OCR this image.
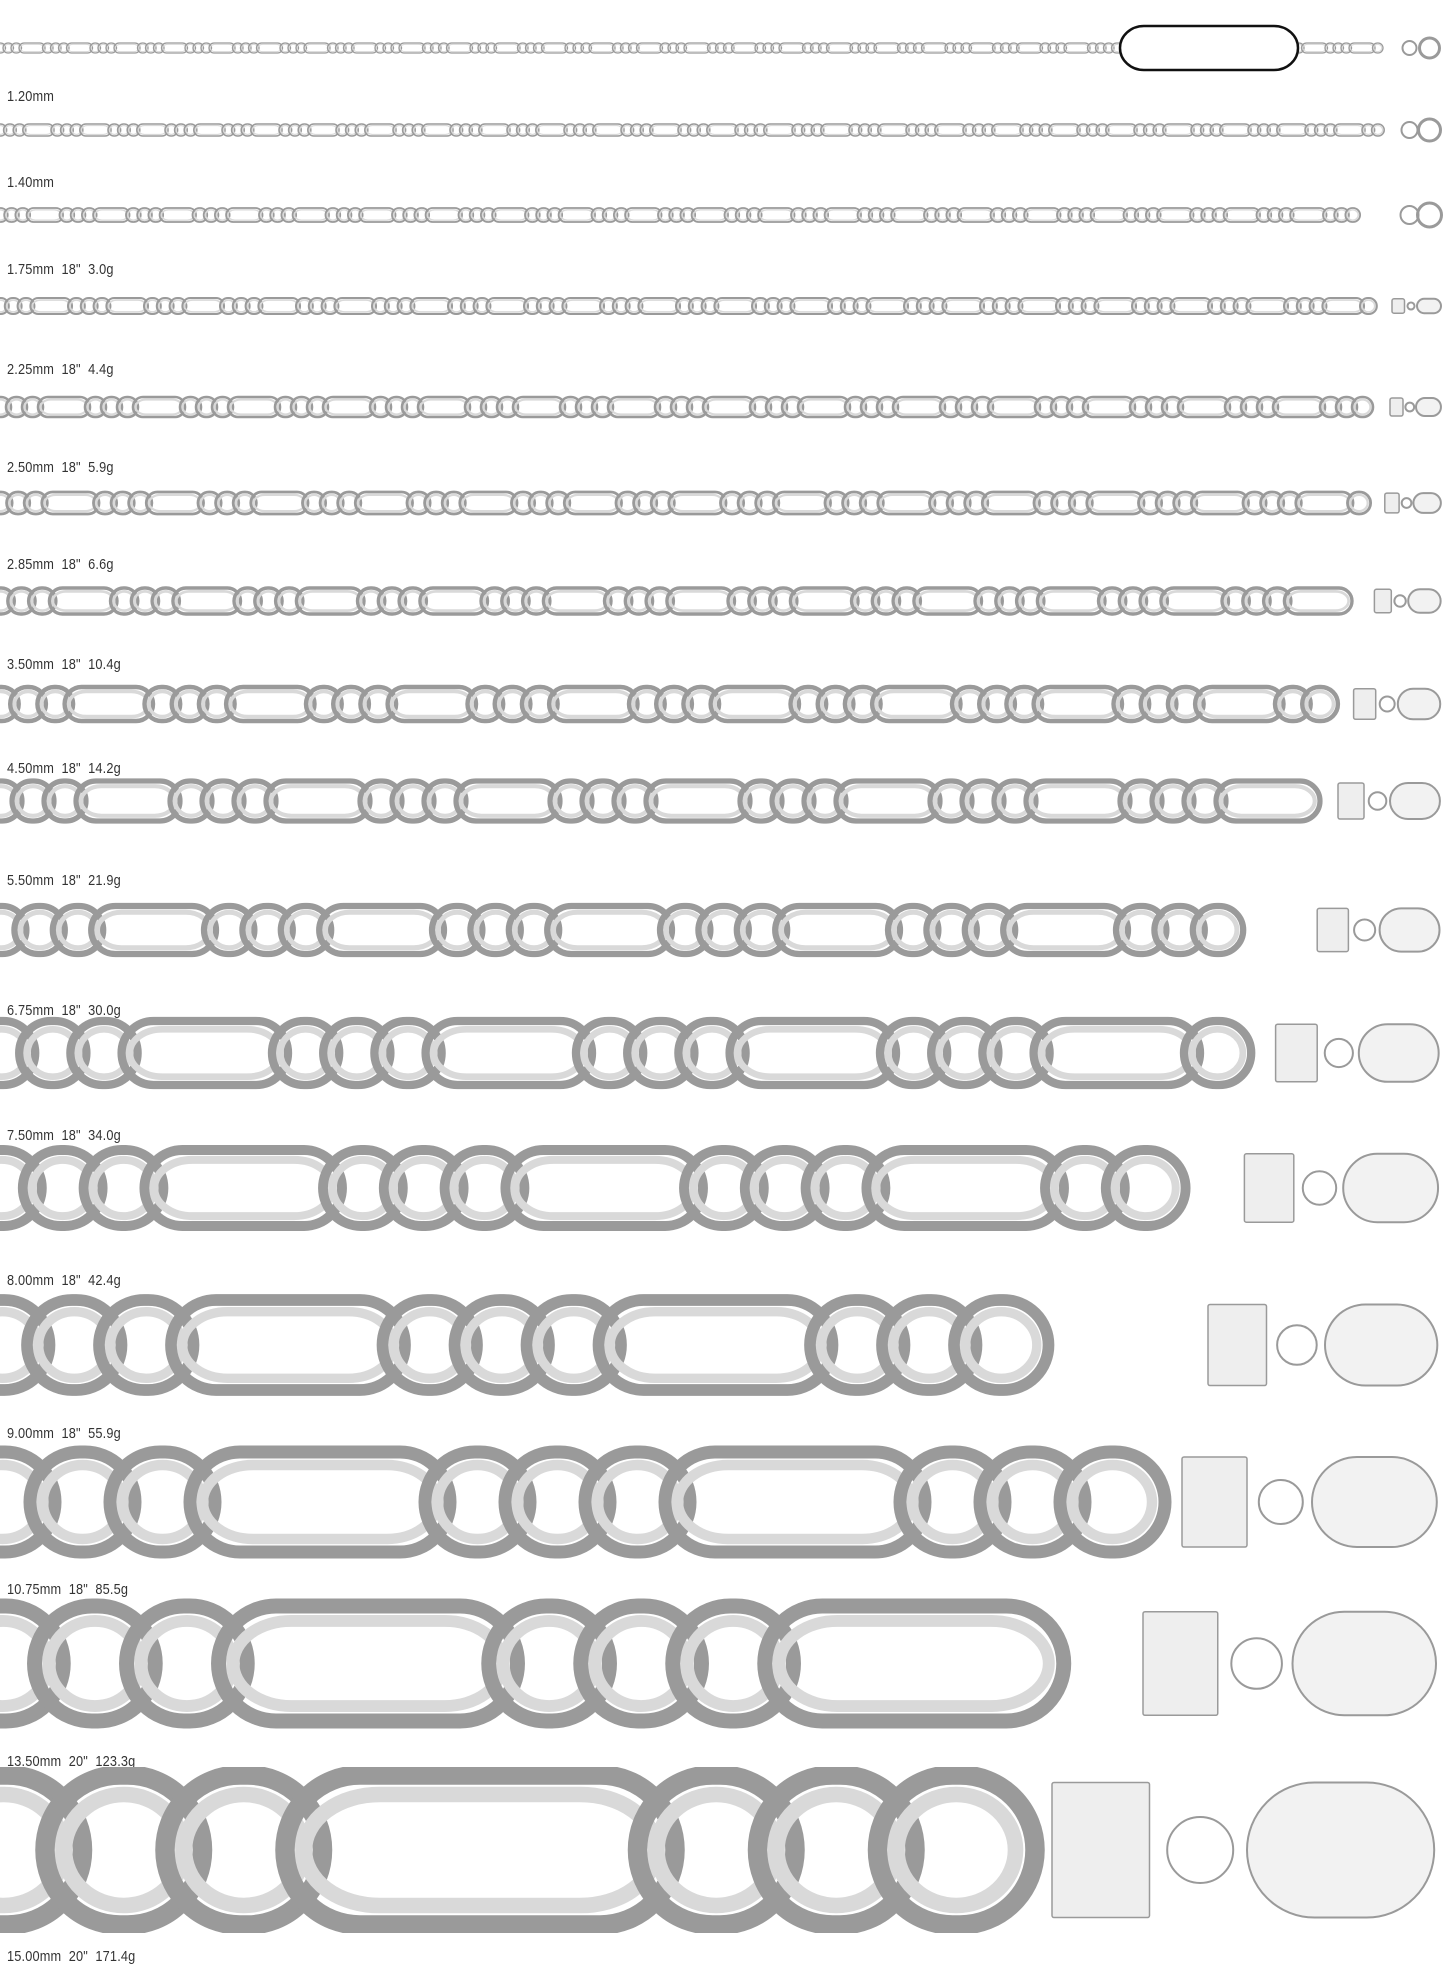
1.20mm
1.40mm
1.75mm  18"  3.0g
2.25mm  18"  4.4g
2.50mm  18"  5.9g
2.85mm  18"  6.6g
3.50mm  18"  10.4g
4.50mm  18"  14.2g
5.50mm  18"  21.9g
6.75mm  18"  30.0g
7.50mm  18"  34.0g
8.00mm  18"  42.4g
9.00mm  18"  55.9g
10.75mm  18"  85.5g
13.50mm  20"  123.3g
15.00mm  20"  171.4g
